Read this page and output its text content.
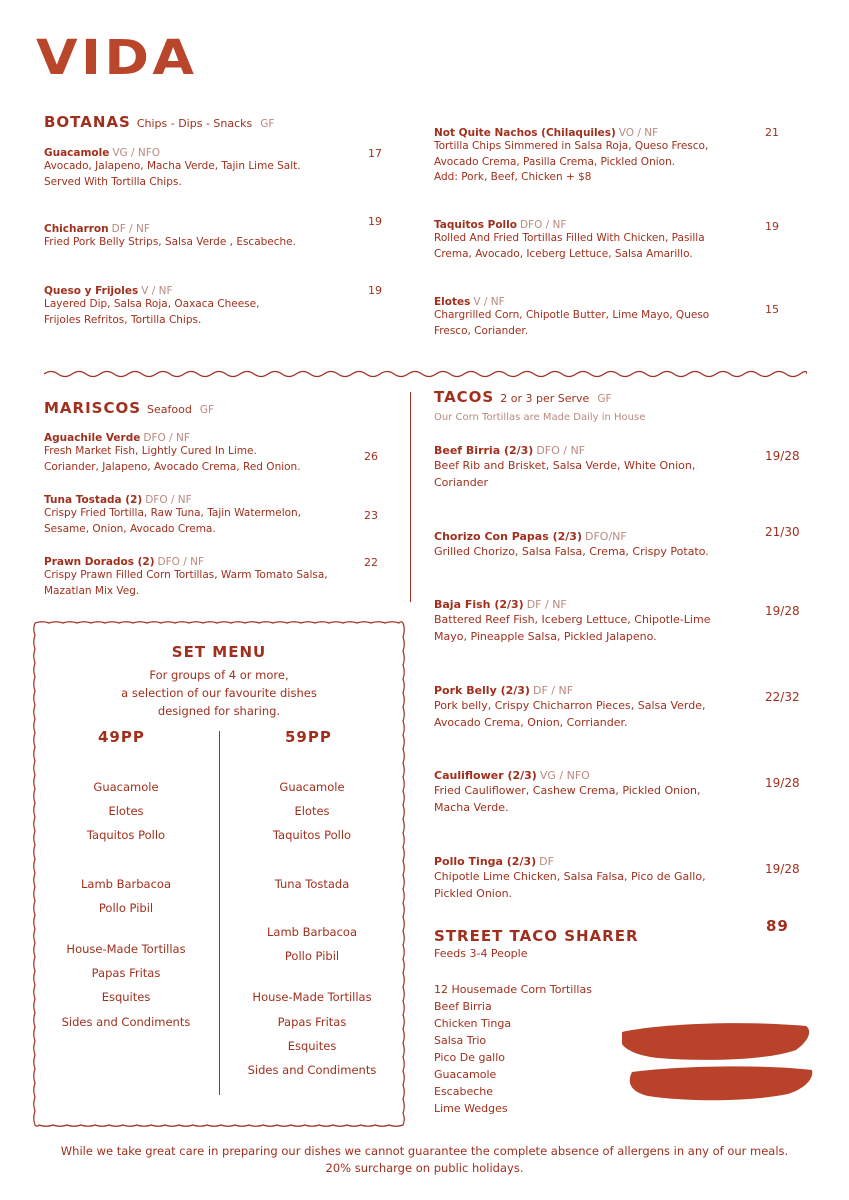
VIDA
BOTANAS Chips - Dips - Snacks GF
Guacamole VG / NFO
Avocado, Jalapeno, Macha Verde, Tajin Lime Salt.
Served With Tortilla Chips.
17
Chicharron DF / NF
Fried Pork Belly Strips, Salsa Verde , Escabeche.
19
Queso y Frijoles V / NF
Layered Dip, Salsa Roja, Oaxaca Cheese,
Frijoles Refritos, Tortilla Chips.
19
Not Quite Nachos (Chilaquiles) VO / NF
Tortilla Chips Simmered in Salsa Roja, Queso Fresco,
Avocado Crema, Pasilla Crema, Pickled Onion.
Add: Pork, Beef, Chicken + $8
21
Taquitos Pollo DFO / NF
Rolled And Fried Tortillas Filled With Chicken, Pasilla
Crema, Avocado, Iceberg Lettuce, Salsa Amarillo.
19
Elotes V / NF
Chargrilled Corn, Chipotle Butter, Lime Mayo, Queso
Fresco, Coriander.
15
MARISCOS Seafood GF
Aguachile Verde DFO / NF
Fresh Market Fish, Lightly Cured In Lime.
Coriander, Jalapeno, Avocado Crema, Red Onion.
26
Tuna Tostada (2) DFO / NF
Crispy Fried Tortilla, Raw Tuna, Tajin Watermelon,
Sesame, Onion, Avocado Crema.
23
Prawn Dorados (2) DFO / NF
Crispy Prawn Filled Corn Tortillas, Warm Tomato Salsa,
Mazatlan Mix Veg.
22
TACOS 2 or 3 per Serve GF
Our Corn Tortillas are Made Daily in House
Beef Birria (2/3) DFO / NF
Beef Rib and Brisket, Salsa Verde, White Onion,
Coriander
19/28
Chorizo Con Papas (2/3) DFO/NF
Grilled Chorizo, Salsa Falsa, Crema, Crispy Potato.
21/30
Baja Fish (2/3) DF / NF
Battered Reef Fish, Iceberg Lettuce, Chipotle-Lime
Mayo, Pineapple Salsa, Pickled Jalapeno.
19/28
Pork Belly (2/3) DF / NF
Pork belly, Crispy Chicharron Pieces, Salsa Verde,
Avocado Crema, Onion, Corriander.
22/32
Cauliflower (2/3) VG / NFO
Fried Cauliflower, Cashew Crema, Pickled Onion,
Macha Verde.
19/28
Pollo Tinga (2/3) DF
Chipotle Lime Chicken, Salsa Falsa, Pico de Gallo,
Pickled Onion.
19/28
SET MENU
For groups of 4 or more,
a selection of our favourite dishes
designed for sharing.
49PP	59PP
Guacamole
Elotes
Taquitos Pollo
Lamb Barbacoa
Pollo Pibil
House-Made Tortillas
Papas Fritas
Esquites
Sides and Condiments
Guacamole
Elotes
Taquitos Pollo
Tuna Tostada
Lamb Barbacoa
Pollo Pibil
House-Made Tortillas
Papas Fritas
Esquites
Sides and Condiments
STREET TACO SHARER
89
Feeds 3-4 People
12 Housemade Corn Tortillas
Beef Birria
Chicken Tinga
Salsa Trio
Pico De gallo
Guacamole
Escabeche
Lime Wedges
While we take great care in preparing our dishes we cannot guarantee the complete absence of allergens in any of our meals.
20% surcharge on public holidays.
